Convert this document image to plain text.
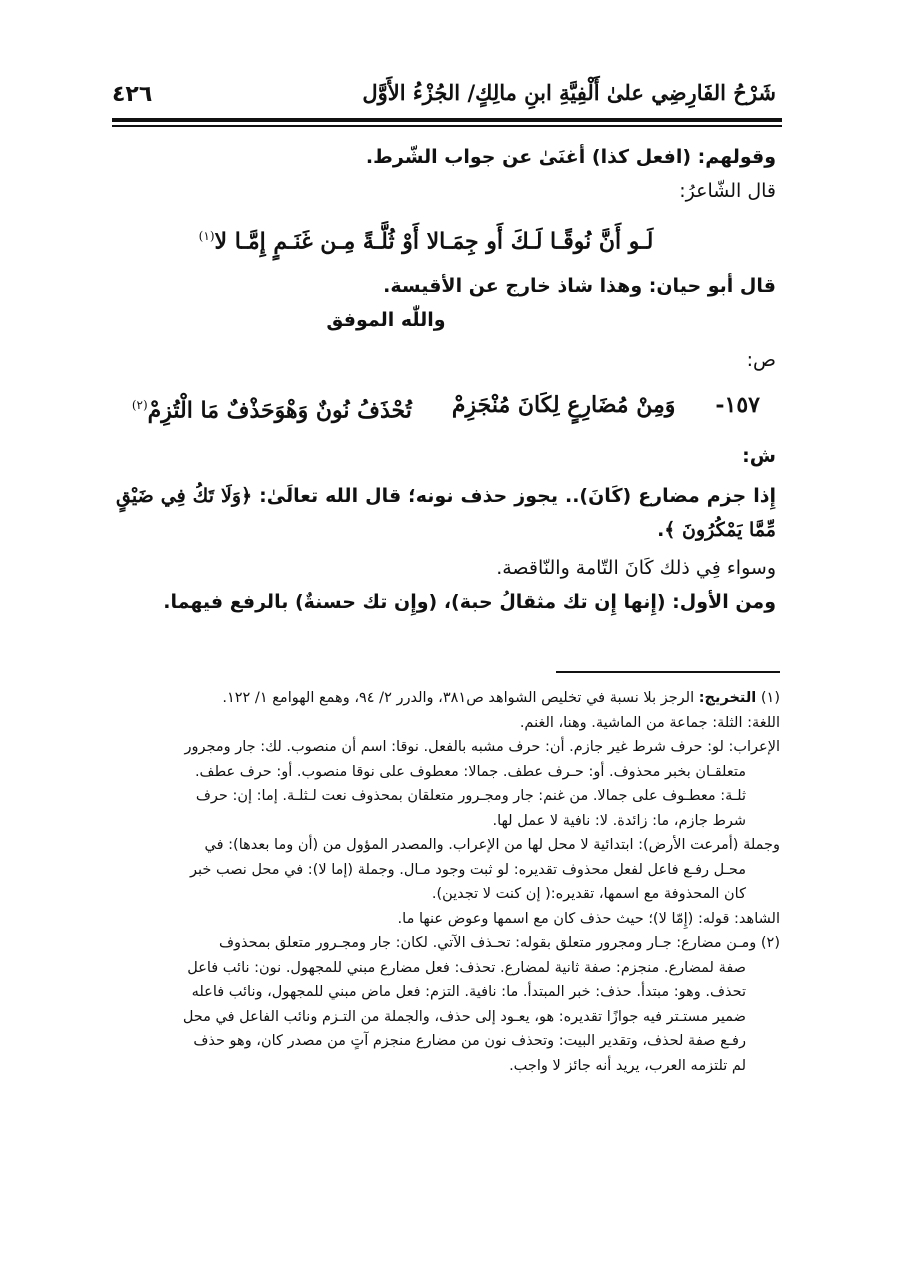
٤٢٦	شَرْحُ الفَارِضِي علىٰ أَلْفِيَّةِ ابنِ مالِكٍ/ الجُزْءُ الأَوَّل

وقولهم: (افعل كذا) أغنَىٰ عن جواب الشّرط.

قال الشّاعرُ:

لَـو أَنَّ نُوقًـا لَـكَ أَو جِمَـالا أَوْ ثُلَّـةً مِـن غَنَـمٍ إِمَّـا لا$^{(١)}$

قال أبو حيان: وهذا شاذ خارج عن الأقيسة.

واللّٰه الموفق

ص:

١٥٧-
وَمِنْ مُضَارِعٍ لِكَانَ مُنْجَزِمْ
تُحْذَفُ نُونٌ وَهْوَحَذْفٌ مَا الْتُزِمْ$^{(٢)}$

ش:

إِذا جزم مضارع (كَانَ).. يجوز حذف نونه؛ قال الله تعالَىٰ: ﴿وَلَا تَكُ فِي ضَيْقٍ مِّمَّا يَمْكُرُونَ ﴾.

وسواء فِي ذلك كَانَ التّامة والنّاقصة.

ومن الأول: (إِنها إِن تك مثقالُ حبة)، (وإِن تك حسنةٌ) بالرفع فيهما.

(١) التخريج: الرجز بلا نسبة في تخليص الشواهد ص٣٨١، والدرر ٢/ ٩٤، وهمع الهوامع ١/ ١٢٢.

اللغة: الثلة: جماعة من الماشية. وهنا، الغنم.

الإعراب: لو: حرف شرط غير جازم. أن: حرف مشبه بالفعل. نوقا: اسم أن منصوب. لك: جار ومجرور

متعلقـان بخبر محذوف. أو: حـرف عطف. جمالا: معطوف على نوقا منصوب. أو: حرف عطف.

ثلـة: معطـوف على جمالا. من غنم: جار ومجـرور متعلقان بمحذوف نعت لـثلـة. إما: إن: حرف

شرط جازم، ما: زائدة. لا: نافية لا عمل لها.

وجملة (أمرعت الأرض): ابتدائية لا محل لها من الإعراب. والمصدر المؤول من (أن وما بعدها): في

محـل رفـع فاعل لفعل محذوف تقديره: لو ثبت وجود مـال. وجملة (إما لا): في محل نصب خبر

كان المحذوفة مع اسمها، تقديره:( إن كنت لا تجدين).

الشاهد: قوله: (إِمّا لا)؛ حيث حذف كان مع اسمها وعوض عنها ما.

(٢) ومـن مضارع: جـار ومجرور متعلق بقوله: تحـذف الآتي. لكان: جار ومجـرور متعلق بمحذوف

صفة لمضارع. منجزم: صفة ثانية لمضارع. تحذف: فعل مضارع مبني للمجهول. نون: نائب فاعل

تحذف. وهو: مبتدأ. حذف: خبر المبتدأ. ما: نافية. التزم: فعل ماض مبني للمجهول، ونائب فاعله

ضمير مستـتر فيه جوازًا تقديره: هو، يعـود إلى حذف، والجملة من التـزم ونائب الفاعل في محل

رفـع صفة لحذف، وتقدير البيت: وتحذف نون من مضارع منجزم آتٍ من مصدر كان، وهو حذف

لم تلتزمه العرب، يريد أنه جائز لا واجب.
